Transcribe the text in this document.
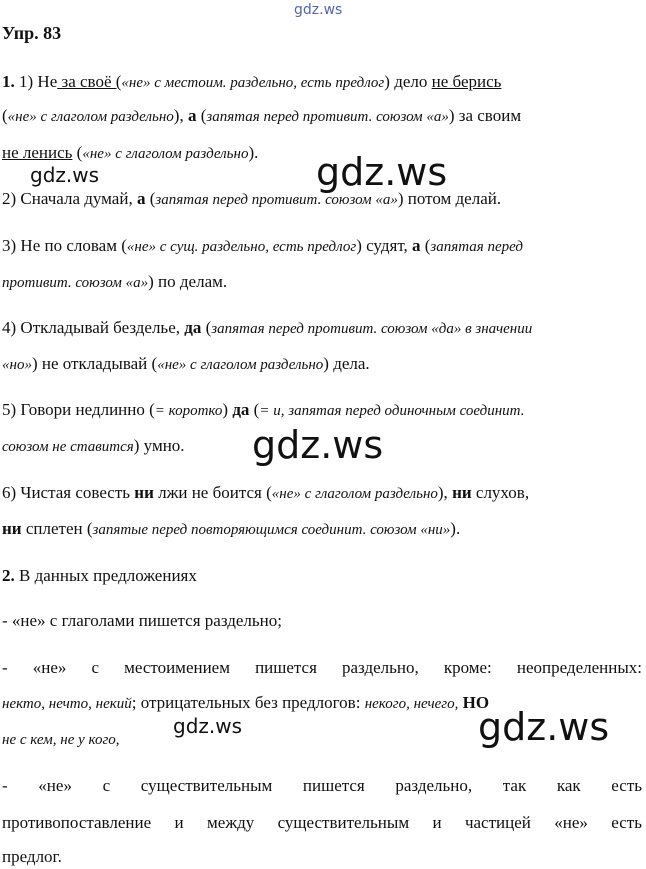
gdz.ws
Упр. 83
1. 1) Не за своё («не» с местоим. раздельно, есть предлог) дело не берись
(«не» с глаголом раздельно), а (запятая перед противит. союзом «а») за своим
не ленись («не» с глаголом раздельно).
gdz.ws	gdz.ws
2) Сначала думай, а (запятая перед противит. союзом «а») потом делай.
3) Не по словам («не» с сущ. раздельно, есть предлог) судят, а (запятая перед
противит. союзом «а») по делам.
4) Откладывай безделье, да (запятая перед противит. союзом «да» в значении
«но») не откладывай («не» с глаголом раздельно) дела.
5) Говори недлинно (= коротко) да (= и, запятая перед одиночным соединит.
союзом не ставится) умно. gdz.ws
6) Чистая совесть ни лжи не боится («не» с глаголом раздельно), ни слухов,
ни сплетен (запятые перед повторяющимся соединит. союзом «ни»).
2. В данных предложениях
- «не» с глаголами пишется раздельно;
- «не» с местоимением пишется раздельно, кроме: неопределенных:
некто, нечто, некий; отрицательных без предлогов: некого, нечего, НО
не с кем, не у кого,
gdz.ws	gdz.ws
- «не» с существительным пишется раздельно, так как есть
противопоставление и между существительным и частицей «не» есть
предлог.
